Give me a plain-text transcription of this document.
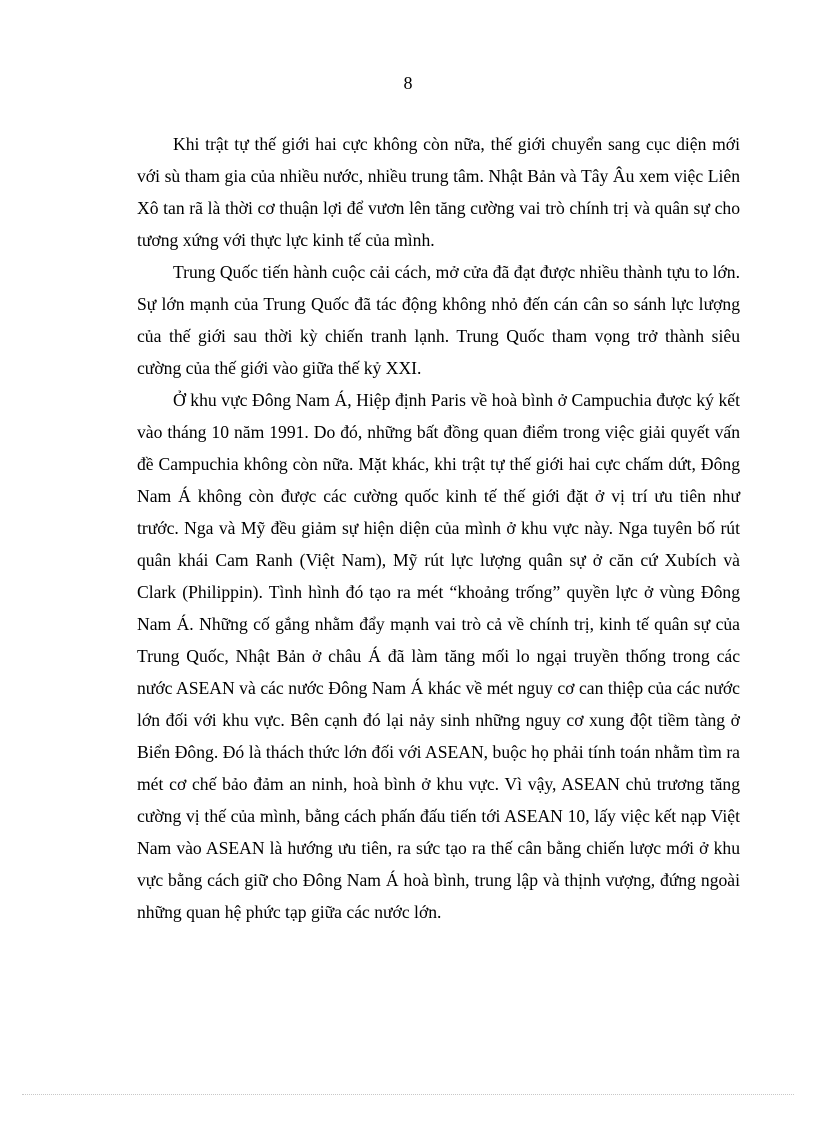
8

Khi trật tự thế giới hai cực không còn nữa, thế giới chuyển sang cục diện mới với sù tham gia của nhiều nước, nhiều trung tâm. Nhật Bản và Tây Âu xem việc Liên Xô tan rã là thời cơ thuận lợi để vươn lên tăng cường vai trò chính trị và quân sự cho tương xứng với thực lực kinh tế của mình.

Trung Quốc tiến hành cuộc cải cách, mở cửa đã đạt được nhiều thành tựu to lớn. Sự lớn mạnh của Trung Quốc đã tác động không nhỏ đến cán cân so sánh lực lượng của thế giới sau thời kỳ chiến tranh lạnh. Trung Quốc tham vọng trở thành siêu cường của thế giới vào giữa thế kỷ XXI.

Ở khu vực Đông Nam Á, Hiệp định Paris về hoà bình ở Campuchia được ký kết vào tháng 10 năm 1991. Do đó, những bất đồng quan điểm trong việc giải quyết vấn đề Campuchia không còn nữa. Mặt khác, khi trật tự thế giới hai cực chấm dứt, Đông Nam Á không còn được các cường quốc kinh tế thế giới đặt ở vị trí ưu tiên như trước. Nga và Mỹ đều giảm sự hiện diện của mình ở khu vực này. Nga tuyên bố rút quân khái Cam Ranh (Việt Nam), Mỹ rút lực lượng quân sự ở căn cứ Xubích và Clark (Philippin). Tình hình đó tạo ra mét “khoảng trống” quyền lực ở vùng Đông Nam Á. Những cố gắng nhằm đẩy mạnh vai trò cả về chính trị, kinh tế quân sự của Trung Quốc, Nhật Bản ở châu Á đã làm tăng mối lo ngại truyền thống trong các nước ASEAN và các nước Đông Nam Á khác về mét nguy cơ can thiệp của các nước lớn đối với khu vực. Bên cạnh đó lại nảy sinh những nguy cơ xung đột tiềm tàng ở Biển Đông. Đó là thách thức lớn đối với ASEAN, buộc họ phải tính toán nhằm tìm ra mét cơ chế bảo đảm an ninh, hoà bình ở khu vực. Vì vậy, ASEAN chủ trương tăng cường vị thế của mình, bằng cách phấn đấu tiến tới ASEAN 10, lấy việc kết nạp Việt Nam vào ASEAN là hướng ưu tiên, ra sức tạo ra thế cân bằng chiến lược mới ở khu vực bằng cách giữ cho Đông Nam Á hoà bình, trung lập và thịnh vượng, đứng ngoài những quan hệ phức tạp giữa các nước lớn.
